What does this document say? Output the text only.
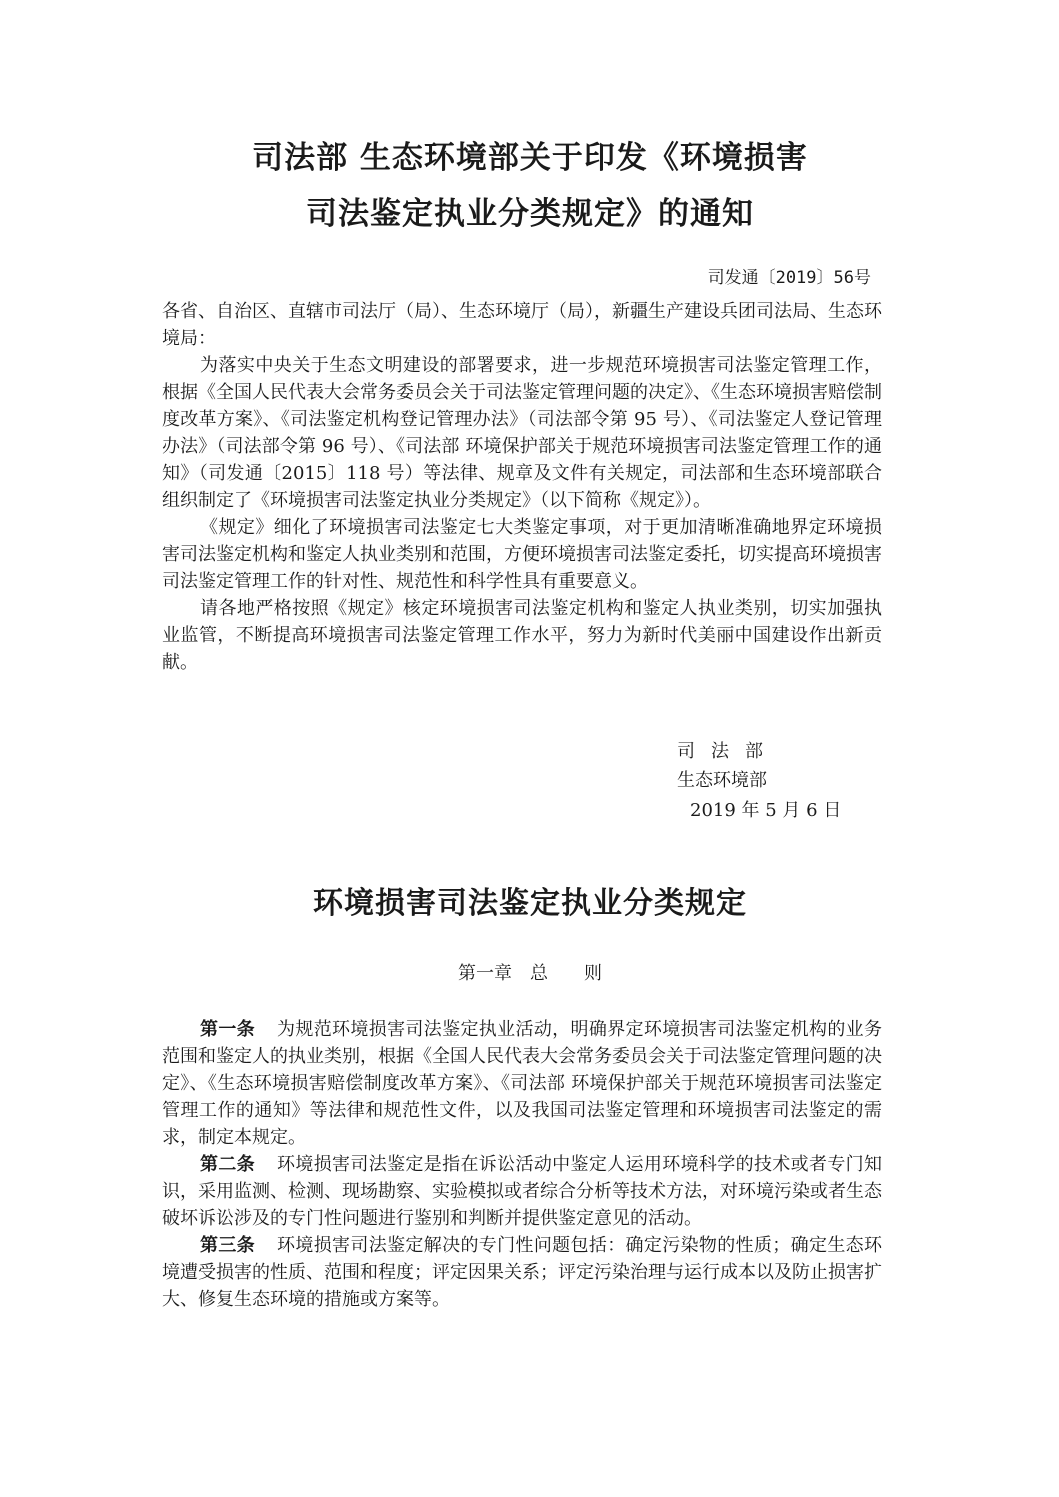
司法部 生态环境部关于印发《环境损害
司法鉴定执业分类规定》的通知
司发通〔2019〕56号

各省、自治区、直辖市司法厅（局）、生态环境厅（局），新疆生产建设兵团司法局、生态环境局：

为落实中央关于生态文明建设的部署要求，进一步规范环境损害司法鉴定管理工作，根据《全国人民代表大会常务委员会关于司法鉴定管理问题的决定》、《生态环境损害赔偿制度改革方案》、《司法鉴定机构登记管理办法》（司法部令第 95 号）、《司法鉴定人登记管理办法》（司法部令第 96 号）、《司法部 环境保护部关于规范环境损害司法鉴定管理工作的通知》（司发通〔2015〕118 号）等法律、规章及文件有关规定，司法部和生态环境部联合组织制定了《环境损害司法鉴定执业分类规定》（以下简称《规定》）。

《规定》细化了环境损害司法鉴定七大类鉴定事项，对于更加清晰准确地界定环境损害司法鉴定机构和鉴定人执业类别和范围，方便环境损害司法鉴定委托，切实提高环境损害司法鉴定管理工作的针对性、规范性和科学性具有重要意义。

请各地严格按照《规定》核定环境损害司法鉴定机构和鉴定人执业类别，切实加强执业监管，不断提高环境损害司法鉴定管理工作水平，努力为新时代美丽中国建设作出新贡献。

司法部
生态环境部
2019 年 5 月 6 日
环境损害司法鉴定执业分类规定
第一章　总　　则

第一条 为规范环境损害司法鉴定执业活动，明确界定环境损害司法鉴定机构的业务范围和鉴定人的执业类别，根据《全国人民代表大会常务委员会关于司法鉴定管理问题的决定》、《生态环境损害赔偿制度改革方案》、《司法部 环境保护部关于规范环境损害司法鉴定管理工作的通知》等法律和规范性文件，以及我国司法鉴定管理和环境损害司法鉴定的需求，制定本规定。

第二条 环境损害司法鉴定是指在诉讼活动中鉴定人运用环境科学的技术或者专门知识，采用监测、检测、现场勘察、实验模拟或者综合分析等技术方法，对环境污染或者生态破坏诉讼涉及的专门性问题进行鉴别和判断并提供鉴定意见的活动。

第三条 环境损害司法鉴定解决的专门性问题包括：确定污染物的性质；确定生态环境遭受损害的性质、范围和程度；评定因果关系；评定污染治理与运行成本以及防止损害扩大、修复生态环境的措施或方案等。
